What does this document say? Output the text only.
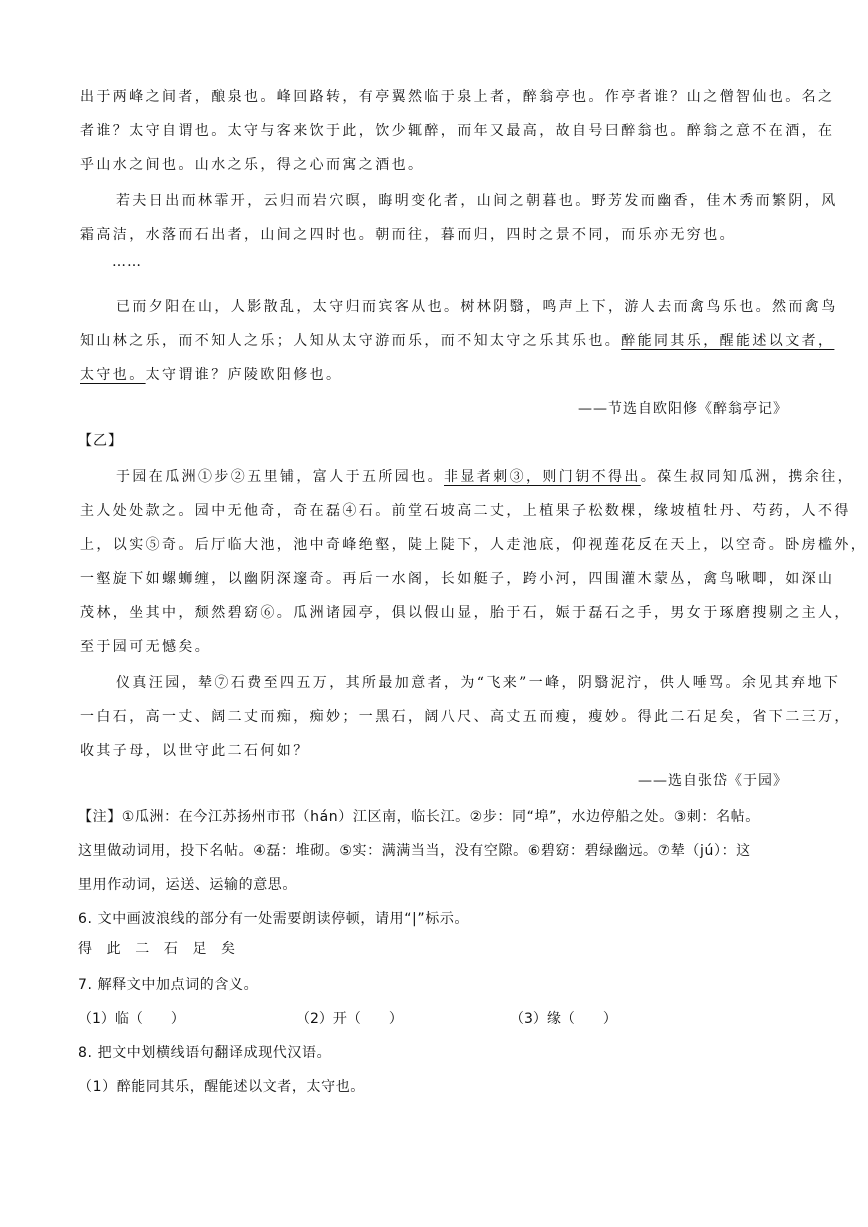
出于两峰之间者，酿泉也。峰回路转，有亭翼然临于泉上者，醉翁亭也。作亭者谁？山之僧智仙也。名之
者谁？太守自谓也。太守与客来饮于此，饮少辄醉，而年又最高，故自号曰醉翁也。醉翁之意不在酒，在
乎山水之间也。山水之乐，得之心而寓之酒也。
若夫日出而林霏开，云归而岩穴暝，晦明变化者，山间之朝暮也。野芳发而幽香，佳木秀而繁阴，风
霜高洁，水落而石出者，山间之四时也。朝而往，暮而归，四时之景不同，而乐亦无穷也。
……
已而夕阳在山，人影散乱，太守归而宾客从也。树林阴翳，鸣声上下，游人去而禽鸟乐也。然而禽鸟
知山林之乐，而不知人之乐；人知从太守游而乐，而不知太守之乐其乐也。醉能同其乐，醒能述以文者，
太守也。太守谓谁？庐陵欧阳修也。
——节选自欧阳修《醉翁亭记》
【乙】
于园在瓜洲①步②五里铺，富人于五所园也。非显者刺③，则门钥不得出。葆生叔同知瓜洲，携余往，
主人处处款之。园中无他奇，奇在磊④石。前堂石坡高二丈，上植果子松数棵，缘坡植牡丹、芍药，人不得
上，以实⑤奇。后厅临大池，池中奇峰绝壑，陡上陡下，人走池底，仰视莲花反在天上，以空奇。卧房槛外，
一壑旋下如螺蛳缠，以幽阴深邃奇。再后一水阁，长如艇子，跨小河，四围灌木蒙丛，禽鸟啾唧，如深山
茂林，坐其中，颓然碧窈⑥。瓜洲诸园亭，俱以假山显，胎于石，娠于磊石之手，男女于琢磨搜剔之主人，
至于园可无憾矣。
仪真汪园，辇⑦石费至四五万，其所最加意者，为“飞来”一峰，阴翳泥泞，供人唾骂。余见其弃地下
一白石，高一丈、阔二丈而痴，痴妙；一黑石，阔八尺、高丈五而瘦，瘦妙。得此二石足矣，省下二三万，
收其子母，以世守此二石何如？
——选自张岱《于园》
【注】①瓜洲：在今江苏扬州市邗（hán）江区南，临长江。②步：同“埠”，水边停船之处。③刺：名帖。
这里做动词用，投下名帖。④磊：堆砌。⑤实：满满当当，没有空隙。⑥碧窈：碧绿幽远。⑦辇（jú）：这
里用作动词，运送、运输的意思。
6. 文中画波浪线的部分有一处需要朗读停顿，请用“|”标示。
得 此 二 石 足 矣
7. 解释文中加点词的含义。
（1）临（　　）	（2）开（　　）	（3）缘（　　）
8. 把文中划横线语句翻译成现代汉语。
（1）醉能同其乐，醒能述以文者，太守也。
